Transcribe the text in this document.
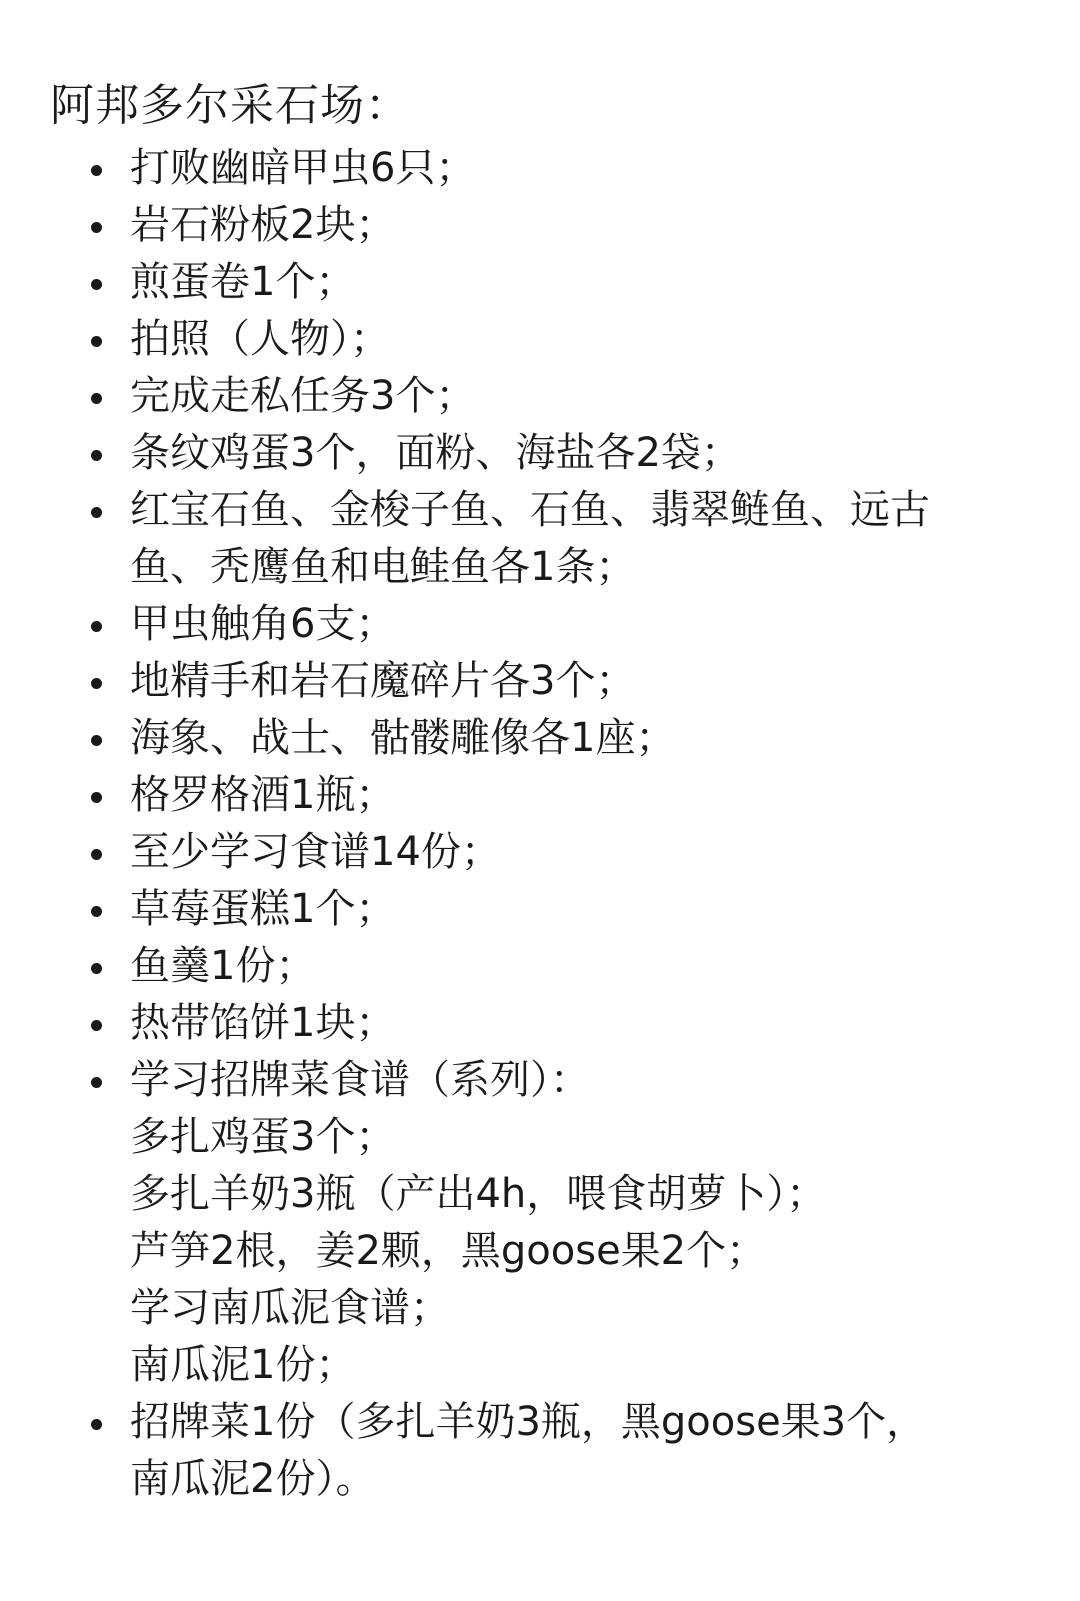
阿邦多尔采石场：
打败幽暗甲虫6只；
岩石粉板2块；
煎蛋卷1个；
拍照（人物）；
完成走私任务3个；
条纹鸡蛋3个，面粉、海盐各2袋；
红宝石鱼、金梭子鱼、石鱼、翡翠鲢鱼、远古
鱼、秃鹰鱼和电鲑鱼各1条；
甲虫触角6支；
地精手和岩石魔碎片各3个；
海象、战士、骷髅雕像各1座；
格罗格酒1瓶；
至少学习食谱14份；
草莓蛋糕1个；
鱼羹1份；
热带馅饼1块；
学习招牌菜食谱（系列）：
多扎鸡蛋3个；
多扎羊奶3瓶（产出4h，喂食胡萝卜）；
芦笋2根，姜2颗，黑goose果2个；
学习南瓜泥食谱；
南瓜泥1份；
招牌菜1份（多扎羊奶3瓶，黑goose果3个，
南瓜泥2份）。
